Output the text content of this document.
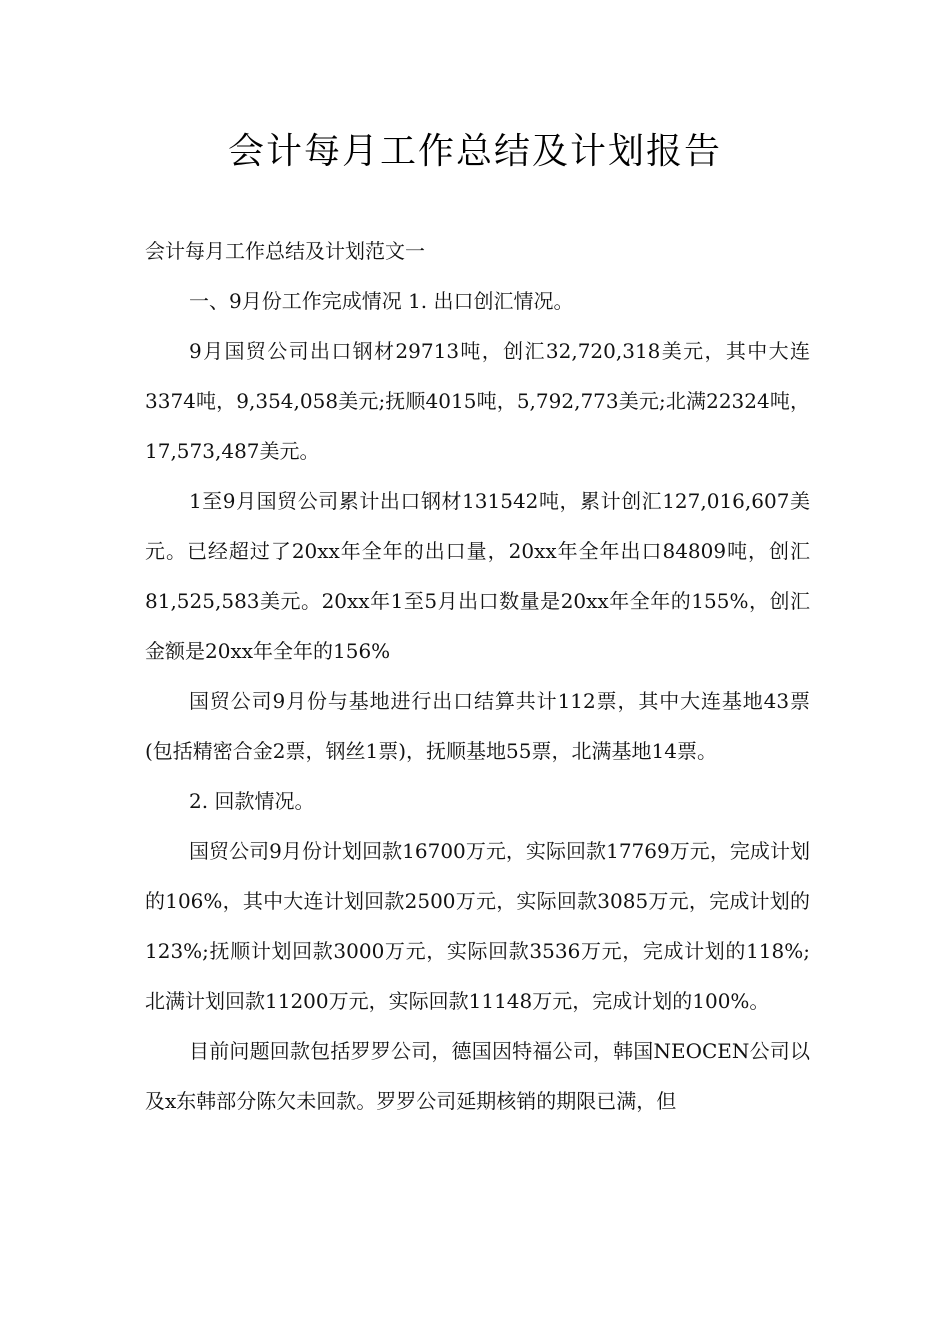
会计每月工作总结及计划报告

会计每月工作总结及计划范文一

一、9月份工作完成情况 1. 出口创汇情况。

9月国贸公司出口钢材29713吨，创汇32,720,318美元，其中大连3374吨，9,354,058美元;抚顺4015吨，5,792,773美元;北满22324吨，17,573,487美元。

1至9月国贸公司累计出口钢材131542吨，累计创汇127,016,607美元。已经超过了20xx年全年的出口量，20xx年全年出口84809吨，创汇81,525,583美元。20xx年1至5月出口数量是20xx年全年的155%，创汇金额是20xx年全年的156%

国贸公司9月份与基地进行出口结算共计112票，其中大连基地43票(包括精密合金2票，钢丝1票)，抚顺基地55票，北满基地14票。

2. 回款情况。

国贸公司9月份计划回款16700万元，实际回款17769万元，完成计划的106%，其中大连计划回款2500万元，实际回款3085万元，完成计划的123%;抚顺计划回款3000万元，实际回款3536万元，完成计划的118%;北满计划回款11200万元，实际回款11148万元，完成计划的100%。

目前问题回款包括罗罗公司，德国因特福公司，韩国NEOCEN公司以及x东韩部分陈欠未回款。罗罗公司延期核销的期限已满，但
